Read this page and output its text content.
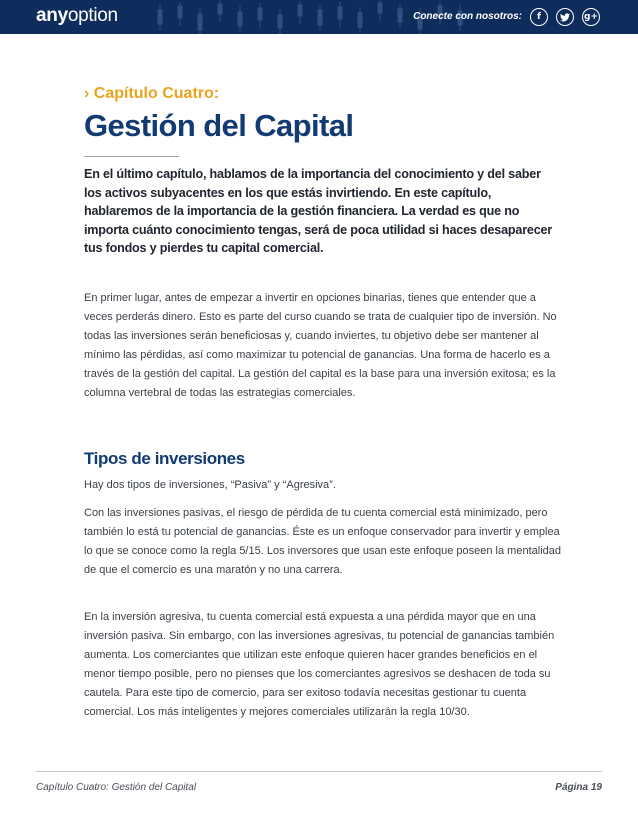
anyoption	Conecte con nosotros:	f	g+
› Capítulo Cuatro:
Gestión del Capital
En el último capítulo, hablamos de la importancia del conocimiento y del saber los activos subyacentes en los que estás invirtiendo. En este capítulo, hablaremos de la importancia de la gestión financiera. La verdad es que no importa cuánto conocimiento tengas, será de poca utilidad si haces desaparecer tus fondos y pierdes tu capital comercial.
En primer lugar, antes de empezar a invertir en opciones binarias, tienes que entender que a veces perderás dinero. Esto es parte del curso cuando se trata de cualquier tipo de inversión. No todas las inversiones serán beneficiosas y, cuando inviertes, tu objetivo debe ser mantener al mínimo las pérdidas, así como maximizar tu potencial de ganancias. Una forma de hacerlo es a través de la gestión del capital. La gestión del capital es la base para una inversión exitosa; es la columna vertebral de todas las estrategias comerciales.
Tipos de inversiones
Hay dos tipos de inversiones, “Pasiva” y “Agresiva”.
Con las inversiones pasivas, el riesgo de pérdida de tu cuenta comercial está minimizado, pero también lo está tu potencial de ganancias. Éste es un enfoque conservador para invertir y emplea lo que se conoce como la regla 5/15. Los inversores que usan este enfoque poseen la mentalidad de que el comercio es una maratón y no una carrera.
En la inversión agresiva, tu cuenta comercial está expuesta a una pérdida mayor que en una inversión pasiva. Sin embargo, con las inversiones agresivas, tu potencial de ganancias también aumenta. Los comerciantes que utilizan este enfoque quieren hacer grandes beneficios en el menor tiempo posible, pero no pienses que los comerciantes agresivos se deshacen de toda su cautela. Para este tipo de comercio, para ser exitoso todavía necesitas gestionar tu cuenta comercial. Los más inteligentes y mejores comerciales utilizarán la regla 10/30.
Capítulo Cuatro: Gestión del Capital	Página 19
